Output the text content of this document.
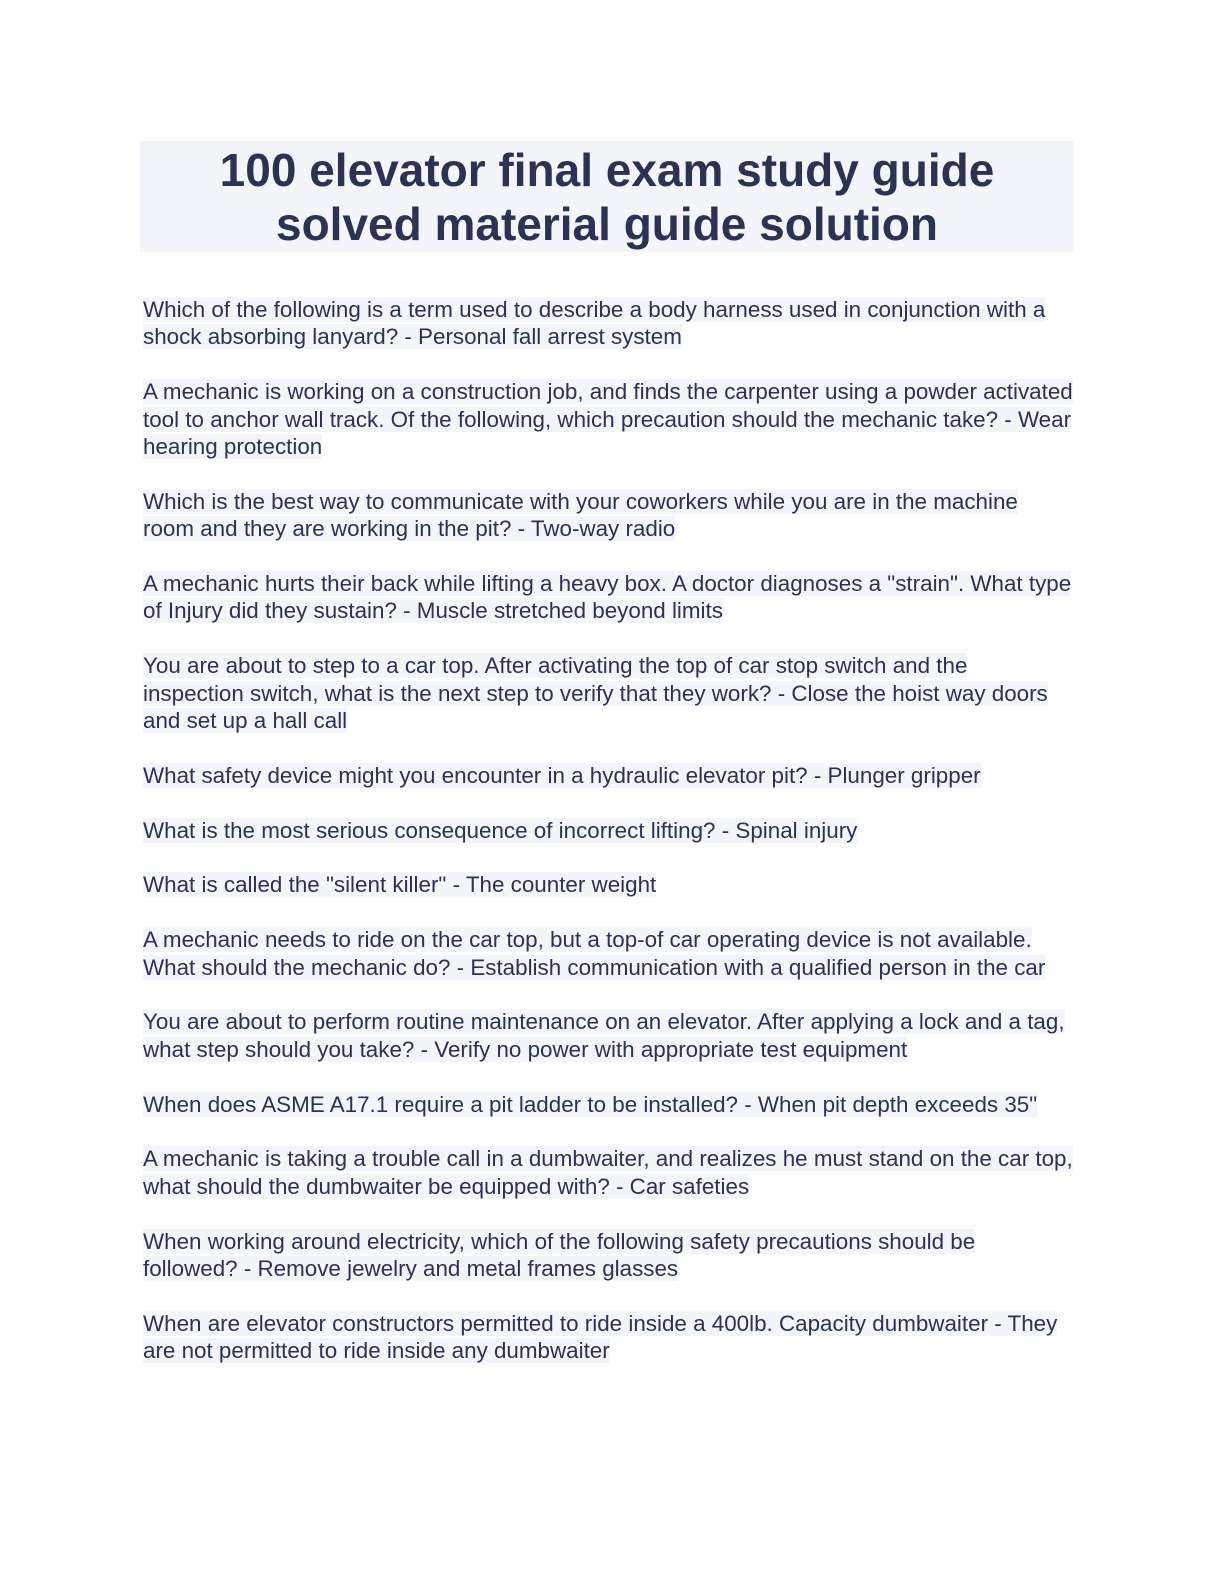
100 elevator final exam study guide
solved material guide solution

Which of the following is a term used to describe a body harness used in conjunction with a shock absorbing lanyard? - Personal fall arrest system

A mechanic is working on a construction job, and finds the carpenter using a powder activated tool to anchor wall track. Of the following, which precaution should the mechanic take? - Wear hearing protection

Which is the best way to communicate with your coworkers while you are in the machine room and they are working in the pit? - Two-way radio

A mechanic hurts their back while lifting a heavy box. A doctor diagnoses a "strain". What type of Injury did they sustain? - Muscle stretched beyond limits

You are about to step to a car top. After activating the top of car stop switch and the inspection switch, what is the next step to verify that they work? - Close the hoist way doors and set up a hall call

What safety device might you encounter in a hydraulic elevator pit? - Plunger gripper

What is the most serious consequence of incorrect lifting? - Spinal injury

What is called the "silent killer" - The counter weight

A mechanic needs to ride on the car top, but a top-of car operating device is not available. What should the mechanic do? - Establish communication with a qualified person in the car

You are about to perform routine maintenance on an elevator. After applying a lock and a tag, what step should you take? - Verify no power with appropriate test equipment

When does ASME A17.1 require a pit ladder to be installed? - When pit depth exceeds 35"

A mechanic is taking a trouble call in a dumbwaiter, and realizes he must stand on the car top, what should the dumbwaiter be equipped with? - Car safeties

When working around electricity, which of the following safety precautions should be followed? - Remove jewelry and metal frames glasses

When are elevator constructors permitted to ride inside a 400lb. Capacity dumbwaiter - They are not permitted to ride inside any dumbwaiter
